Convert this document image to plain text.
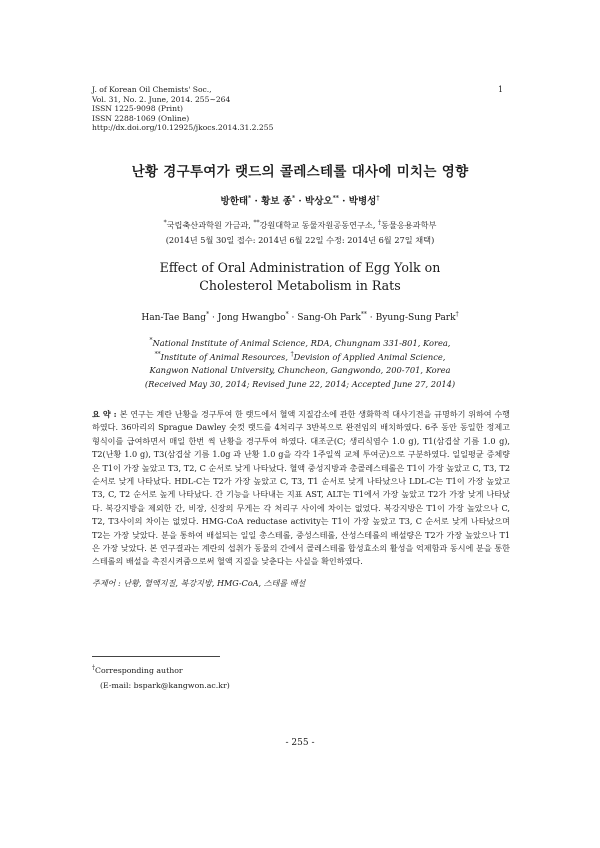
J. of Korean Oil Chemists' Soc.,
Vol. 31, No. 2. June, 2014. 255~264
ISSN 1225-9098 (Print)
ISSN 2288-1069 (Online)
http://dx.doi.org/10.12925/jkocs.2014.31.2.255
1
난황 경구투여가 랫드의 콜레스테롤 대사에 미치는 영향
방한태* · 황보 종* · 박상오** · 박병성†
*국립축산과학원 가금과, **강원대학교 동물자원공동연구소, †동물응용과학부
(2014년 5월 30일 접수: 2014년 6월 22일 수정: 2014년 6월 27일 채택)
Effect of Oral Administration of Egg Yolk on
Cholesterol Metabolism in Rats
Han-Tae Bang* · Jong Hwangbo* · Sang-Oh Park** · Byung-Sung Park†
*National Institute of Animal Science, RDA, Chungnam 331-801, Korea,
**Institute of Animal Resources, †Devision of Applied Animal Science,
Kangwon National University, Chuncheon, Gangwondo, 200-701, Korea
(Received May 30, 2014; Revised June 22, 2014; Accepted June 27, 2014)
요 약 : 본 연구는 계란 난황을 경구투여 한 랫드에서 혈액 지질감소에 관한 생화학적 대사기전을 규명하기 위하여 수행하였다. 36마리의 Sprague Dawley 숫컷 랫드를 4처리구 3반복으로 완전임의 배치하였다. 6주 동안 동일한 정제고형식이를 급여하면서 매일 한번 씩 난황을 경구투여 하였다. 대조군(C; 생리식염수 1.0 g), T1(삼겹살 기름 1.0 g), T2(난황 1.0 g), T3(삼겹살 기름 1.0g 과 난황 1.0 g을 각각 1주일씩 교체 투여군)으로 구분하였다. 일일평균 증체량은 T1이 가장 높았고 T3, T2, C 순서로 낮게 나타났다. 혈액 중성지방과 총콜레스테롤은 T1이 가장 높았고 C, T3, T2 순서로 낮게 나타났다. HDL-C는 T2가 가장 높았고 C, T3, T1 순서로 낮게 나타났으나 LDL-C는 T1이 가장 높았고 T3, C, T2 순서로 높게 나타났다. 간 기능을 나타내는 지표 AST, ALT는 T1에서 가장 높았고 T2가 가장 낮게 나타났다. 복강지방을 제외한 간, 비장, 신장의 무게는 각 처리구 사이에 차이는 없었다. 복강지방은 T1이 가장 높았으나 C, T2, T3사이의 차이는 없었다. HMG-CoA reductase activity는 T1이 가장 높았고 T3, C 순서로 낮게 나타났으며 T2는 가장 낮았다. 분을 통하여 배설되는 일일 총스테롤, 중성스테롤, 산성스테롤의 배설량은 T2가 가장 높았으나 T1은 가장 낮았다. 본 연구결과는 계란의 섭취가 동물의 간에서 콜레스테롤 합성효소의 활성을 억제함과 동시에 분을 통한 스테롤의 배설을 촉진시켜줌으로써 혈액 지질을 낮춘다는 사실을 확인하였다.
주제어 : 난황, 혈액지질, 복강지방, HMG-CoA, 스테롤 배설
†Corresponding author
(E-mail: bspark@kangwon.ac.kr)
- 255 -
